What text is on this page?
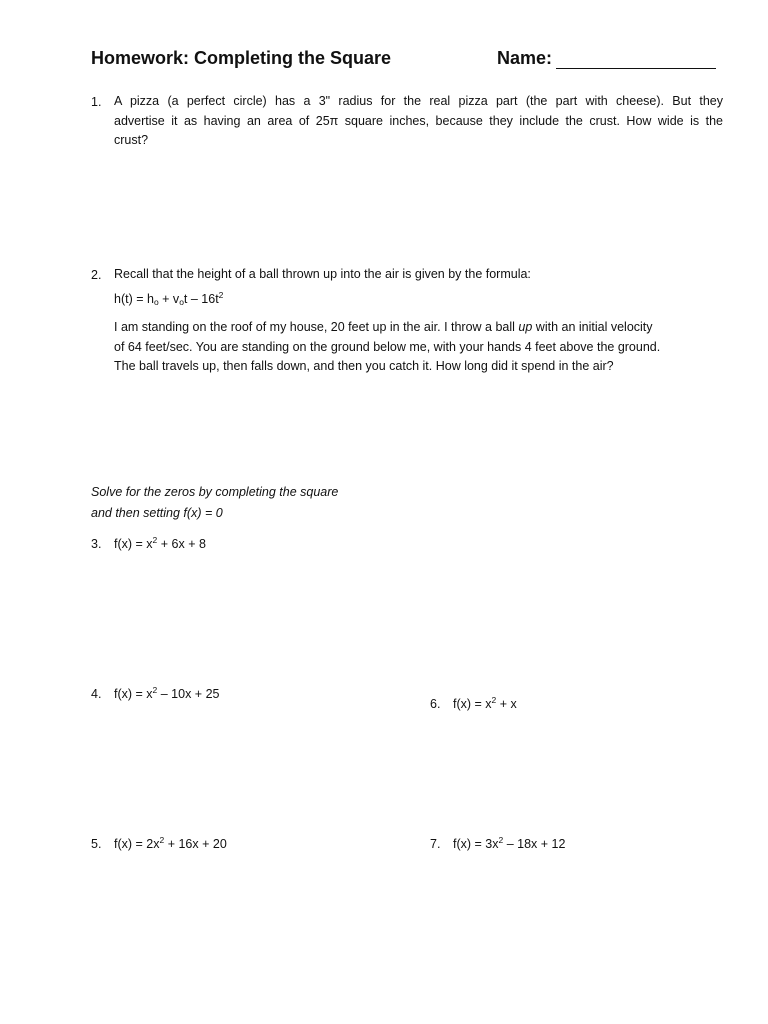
Homework: Completing the Square	Name:
1. A pizza (a perfect circle) has a 3" radius for the real pizza part (the part with cheese). But they
advertise it as having an area of 25π square inches, because they include the crust. How wide is the
crust?
2. Recall that the height of a ball thrown up into the air is given by the formula:
$h(t) = h_o + v_ot - 16t^2$
I am standing on the roof of my house, 20 feet up in the air. I throw a ball up with an initial velocity
of 64 feet/sec. You are standing on the ground below me, with your hands 4 feet above the ground.
The ball travels up, then falls down, and then you catch it. How long did it spend in the air?
Solve for the zeros by completing the square
and then setting f(x) = 0
3. $f(x) = x^2 + 6x + 8$
4. $f(x) = x^2 - 10x + 25$
6. $f(x) = x^2 + x$
5. $f(x) = 2x^2 + 16x + 20$	7. $f(x) = 3x^2 - 18x + 12$
